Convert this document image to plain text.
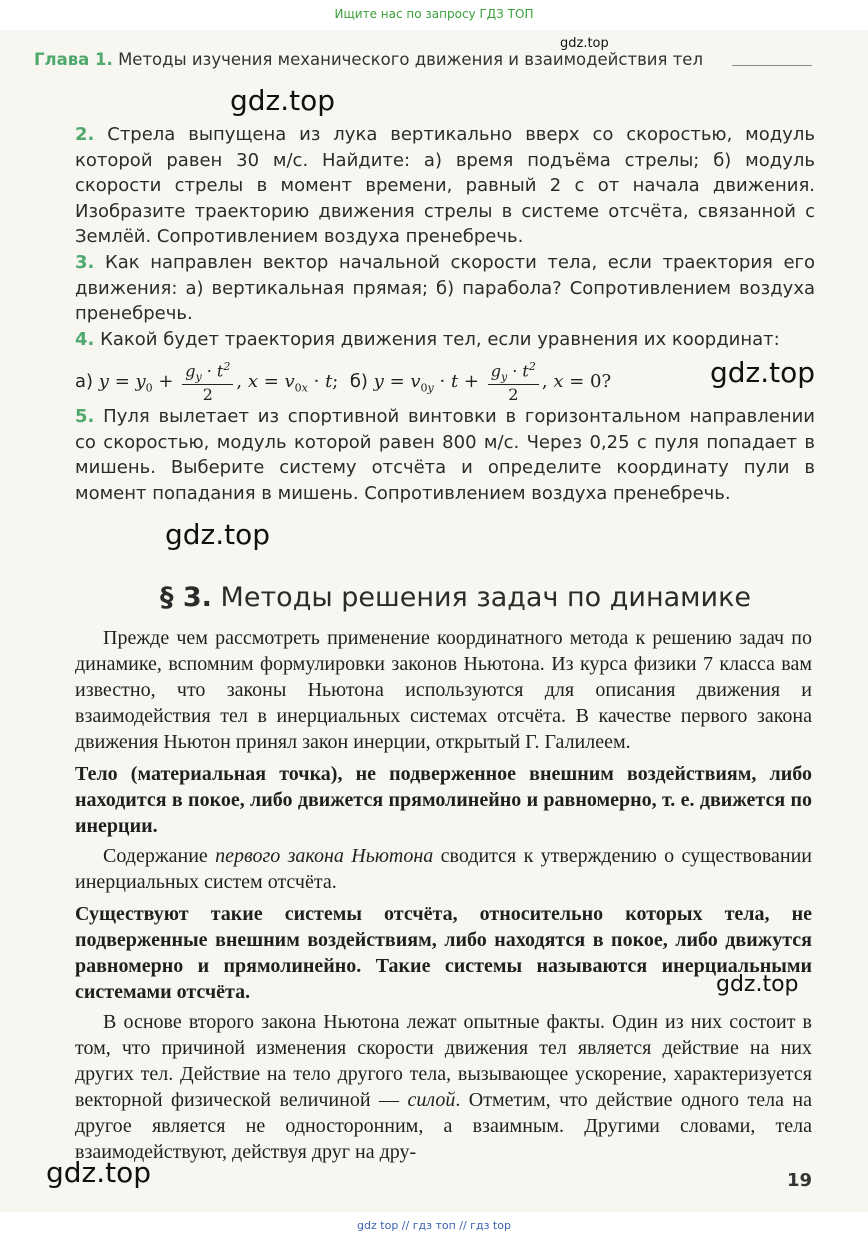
Ищите нас по запросу ГДЗ ТОП
gdz.top
Глава 1. Методы изучения механического движения и взаимодействия тел
gdz.top

2. Стрела выпущена из лука вертикально вверх со скоростью, модуль которой равен 30 м/с. Найдите: а) время подъёма стрелы; б) модуль скорости стрелы в момент времени, равный 2 с от начала движения. Изобразите траекторию движения стрелы в системе отсчёта, связанной с Землёй. Сопротивлением воздуха пренебречь.

3. Как направлен вектор начальной скорости тела, если траектория его движения: а) вертикальная прямая; б) парабола? Сопротивлением воздуха пренебречь.

4. Какой будет траектория движения тел, если уравнения их координат:

а) $y = y_0 + \frac{g_y \cdot t^2}{2}$ , $x = v_{0x} \cdot t$;  б) $y = v_{0y} \cdot t + \frac{g_y \cdot t^2}{2}$ , x = 0?	gdz.top
5. Пуля вылетает из спортивной винтовки в горизонтальном направлении со скоростью, модуль которой равен 800 м/с. Через 0,25 с пуля попадает в мишень. Выберите систему отсчёта и определите координату пули в момент попадания в мишень. Сопротивлением воздуха пренебречь.
gdz.top
§ 3. Методы решения задач по динамике

Прежде чем рассмотреть применение координатного метода к решению задач по динамике, вспомним формулировки законов Ньютона. Из курса физики 7 класса вам известно, что законы Ньютона используются для описания движения и взаимодействия тел в инерциальных системах отсчёта. В качестве первого закона движения Ньютон принял закон инерции, открытый Г. Галилеем.

Тело (материальная точка), не подверженное внешним воздействиям, либо находится в покое, либо движется прямолинейно и равномерно, т. е. движется по инерции.

Содержание первого закона Ньютона сводится к утверждению о существовании инерциальных систем отсчёта.

Существуют такие системы отсчёта, относительно которых тела, не подверженные внешним воздействиям, либо находятся в покое, либо движутся равномерно и прямолинейно. Такие системы называются инерциальными системами отсчёта.

В основе второго закона Ньютона лежат опытные факты. Один из них состоит в том, что причиной изменения скорости движения тел является действие на них других тел. Действие на тело другого тела, вызывающее ускорение, характеризуется векторной физической величиной — силой. Отметим, что действие одного тела на другое является не односторонним, а взаимным. Другими словами, тела взаимодействуют, действуя друг на дру-

gdz.top
gdz.top	19
gdz top // гдз топ // гдз top
